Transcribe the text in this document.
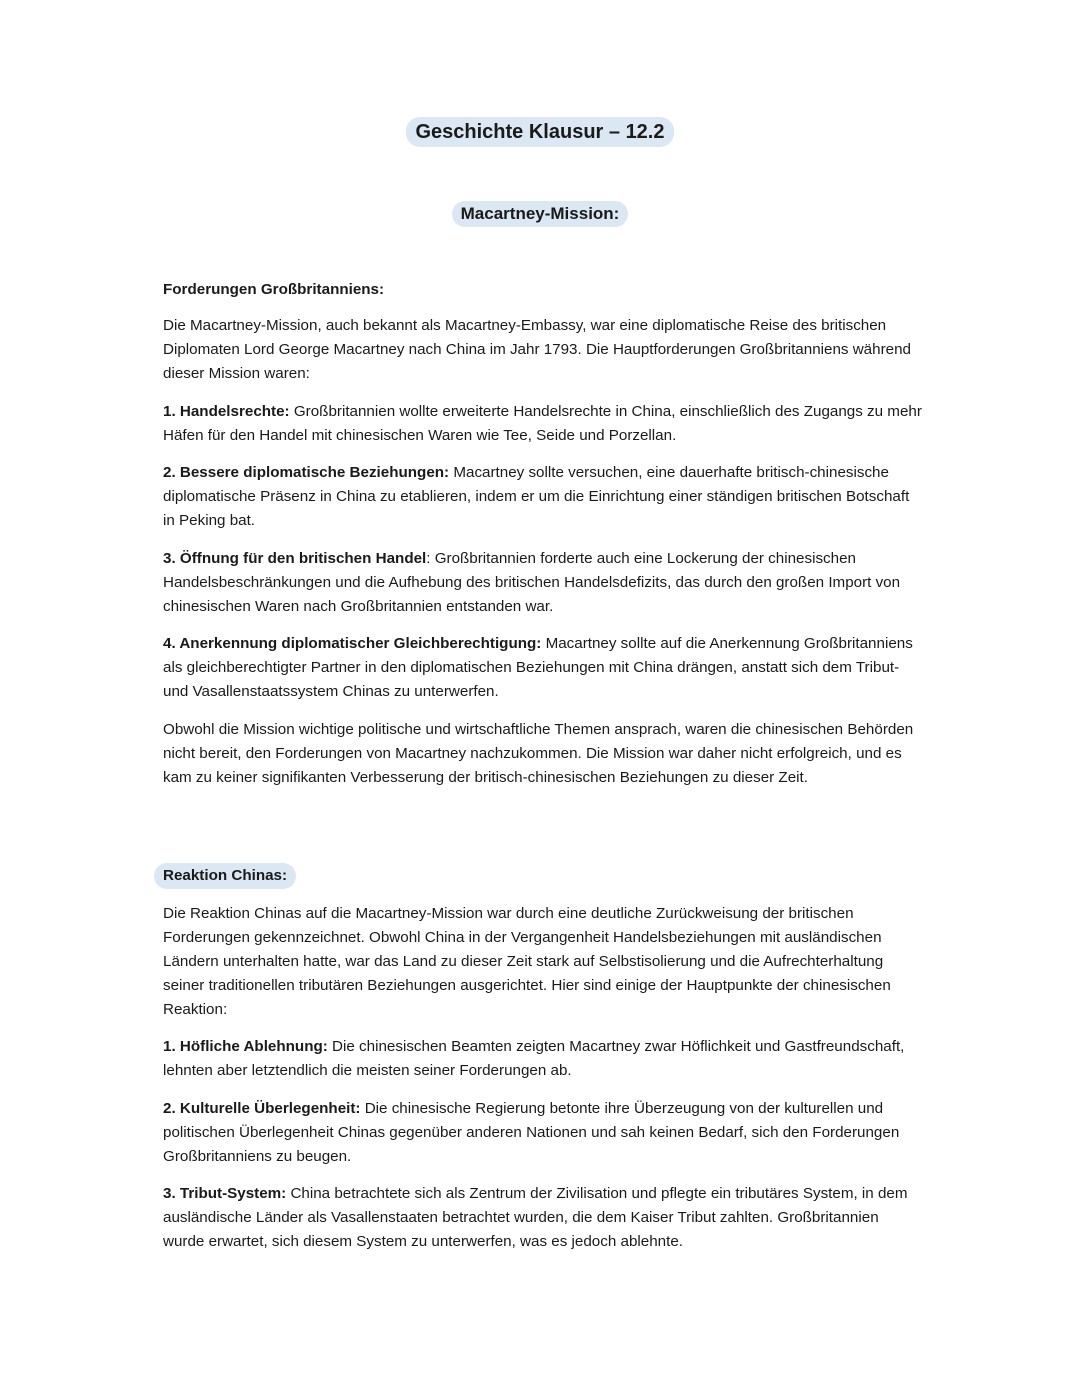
Geschichte Klausur – 12.2
Macartney-Mission:

Forderungen Großbritanniens:

Die Macartney-Mission, auch bekannt als Macartney-Embassy, war eine diplomatische Reise des britischen Diplomaten Lord George Macartney nach China im Jahr 1793. Die Hauptforderungen Großbritanniens während dieser Mission waren:

1. Handelsrechte: Großbritannien wollte erweiterte Handelsrechte in China, einschließlich des Zugangs zu mehr Häfen für den Handel mit chinesischen Waren wie Tee, Seide und Porzellan.

2. Bessere diplomatische Beziehungen: Macartney sollte versuchen, eine dauerhafte britisch-chinesische diplomatische Präsenz in China zu etablieren, indem er um die Einrichtung einer ständigen britischen Botschaft in Peking bat.

3. Öffnung für den britischen Handel: Großbritannien forderte auch eine Lockerung der chinesischen Handelsbeschränkungen und die Aufhebung des britischen Handelsdefizits, das durch den großen Import von chinesischen Waren nach Großbritannien entstanden war.

4. Anerkennung diplomatischer Gleichberechtigung: Macartney sollte auf die Anerkennung Großbritanniens als gleichberechtigter Partner in den diplomatischen Beziehungen mit China drängen, anstatt sich dem Tribut- und Vasallenstaatssystem Chinas zu unterwerfen.

Obwohl die Mission wichtige politische und wirtschaftliche Themen ansprach, waren die chinesischen Behörden nicht bereit, den Forderungen von Macartney nachzukommen. Die Mission war daher nicht erfolgreich, und es kam zu keiner signifikanten Verbesserung der britisch-chinesischen Beziehungen zu dieser Zeit.

Reaktion Chinas:

Die Reaktion Chinas auf die Macartney-Mission war durch eine deutliche Zurückweisung der britischen Forderungen gekennzeichnet. Obwohl China in der Vergangenheit Handelsbeziehungen mit ausländischen Ländern unterhalten hatte, war das Land zu dieser Zeit stark auf Selbstisolierung und die Aufrechterhaltung seiner traditionellen tributären Beziehungen ausgerichtet. Hier sind einige der Hauptpunkte der chinesischen Reaktion:

1. Höfliche Ablehnung: Die chinesischen Beamten zeigten Macartney zwar Höflichkeit und Gastfreundschaft, lehnten aber letztendlich die meisten seiner Forderungen ab.

2. Kulturelle Überlegenheit: Die chinesische Regierung betonte ihre Überzeugung von der kulturellen und politischen Überlegenheit Chinas gegenüber anderen Nationen und sah keinen Bedarf, sich den Forderungen Großbritanniens zu beugen.

3. Tribut-System: China betrachtete sich als Zentrum der Zivilisation und pflegte ein tributäres System, in dem ausländische Länder als Vasallenstaaten betrachtet wurden, die dem Kaiser Tribut zahlten. Großbritannien wurde erwartet, sich diesem System zu unterwerfen, was es jedoch ablehnte.
